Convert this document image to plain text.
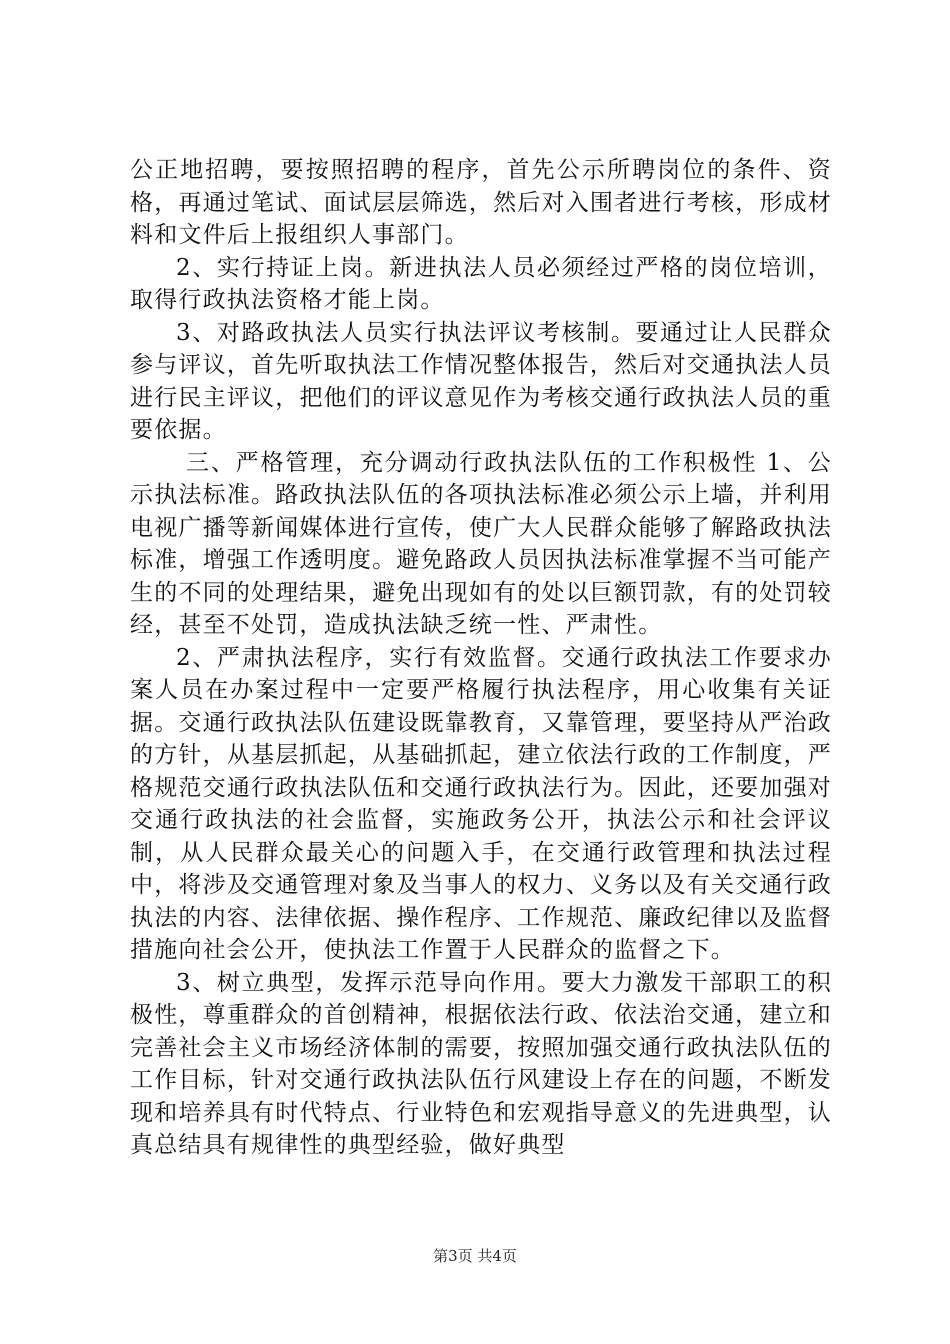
公正地招聘，要按照招聘的程序，首先公示所聘岗位的条件、资格，再通过笔试、面试层层筛选，然后对入围者进行考核，形成材料和文件后上报组织人事部门。

2、实行持证上岗。新进执法人员必须经过严格的岗位培训，取得行政执法资格才能上岗。

3、对路政执法人员实行执法评议考核制。要通过让人民群众参与评议，首先听取执法工作情况整体报告，然后对交通执法人员进行民主评议，把他们的评议意见作为考核交通行政执法人员的重要依据。

三、严格管理，充分调动行政执法队伍的工作积极性 1、公示执法标准。路政执法队伍的各项执法标准必须公示上墙，并利用电视广播等新闻媒体进行宣传，使广大人民群众能够了解路政执法标准，增强工作透明度。避免路政人员因执法标准掌握不当可能产生的不同的处理结果，避免出现如有的处以巨额罚款，有的处罚较经，甚至不处罚，造成执法缺乏统一性、严肃性。

2、严肃执法程序，实行有效监督。交通行政执法工作要求办案人员在办案过程中一定要严格履行执法程序，用心收集有关证据。交通行政执法队伍建设既靠教育，又靠管理，要坚持从严治政的方针，从基层抓起，从基础抓起，建立依法行政的工作制度，严格规范交通行政执法队伍和交通行政执法行为。因此，还要加强对交通行政执法的社会监督，实施政务公开，执法公示和社会评议制，从人民群众最关心的问题入手，在交通行政管理和执法过程中，将涉及交通管理对象及当事人的权力、义务以及有关交通行政执法的内容、法律依据、操作程序、工作规范、廉政纪律以及监督措施向社会公开，使执法工作置于人民群众的监督之下。

3、树立典型，发挥示范导向作用。要大力激发干部职工的积极性，尊重群众的首创精神，根据依法行政、依法治交通，建立和完善社会主义市场经济体制的需要，按照加强交通行政执法队伍的工作目标，针对交通行政执法队伍行风建设上存在的问题，不断发现和培养具有时代特点、行业特色和宏观指导意义的先进典型，认真总结具有规律性的典型经验，做好典型

第3页 共4页
